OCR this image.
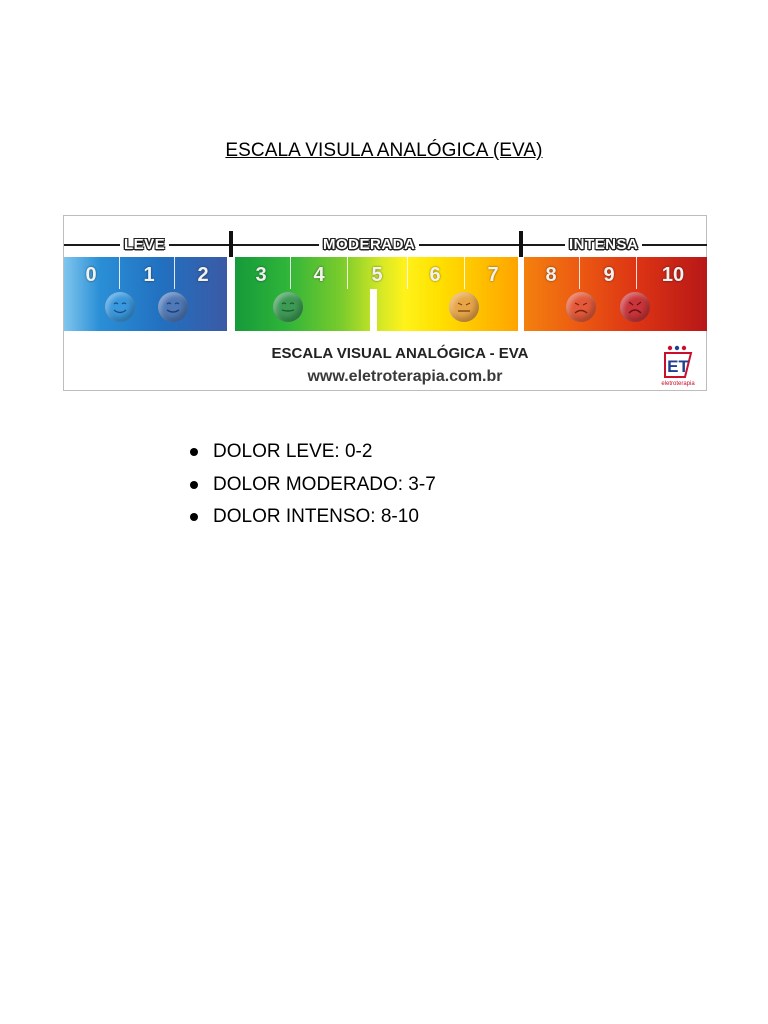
ESCALA VISULA ANALÓGICA (EVA)
LEVE	MODERADA	INTENSA
0	1	2	3	4	5	6	7	8	9	10
ESCALA VISUAL ANALÓGICA - EVA
www.eletroterapia.com.br
ET
eletroterapia
DOLOR LEVE: 0-2
DOLOR MODERADO: 3-7
DOLOR INTENSO: 8-10
